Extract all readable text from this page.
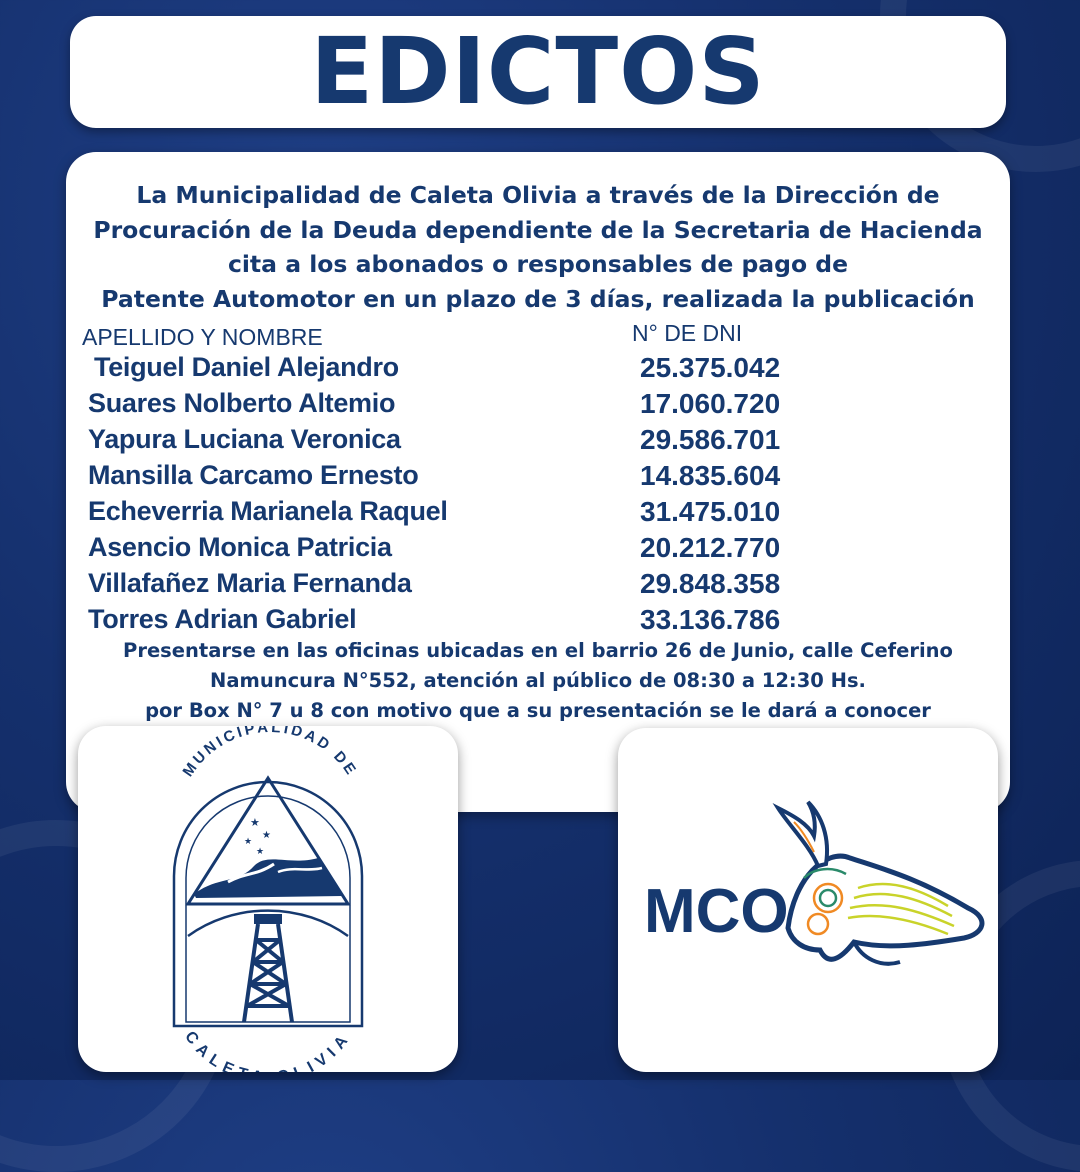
EDICTOS
La Municipalidad de Caleta Olivia a través de la Dirección de
Procuración de la Deuda dependiente de la Secretaria de Hacienda
cita a los abonados o responsables de pago de
Patente Automotor en un plazo de 3 días, realizada la publicación
APELLIDO Y NOMBRE	N° DE DNI
Teiguel Daniel Alejandro	25.375.042
Suares Nolberto Altemio	17.060.720
Yapura Luciana Veronica	29.586.701
Mansilla Carcamo Ernesto	14.835.604
Echeverria Marianela Raquel	31.475.010
Asencio Monica Patricia	20.212.770
Villafañez Maria Fernanda	29.848.358
Torres Adrian Gabriel	33.136.786
Presentarse en las oficinas ubicadas en el barrio 26 de Junio, calle Ceferino
Namuncura N°552, atención al público de 08:30 a 12:30 Hs.
por Box N° 7 u 8 con motivo que a su presentación se le dará a conocer
★
★
★
★
MUNICIPALIDAD DE
CALE LIVIA
MCO
